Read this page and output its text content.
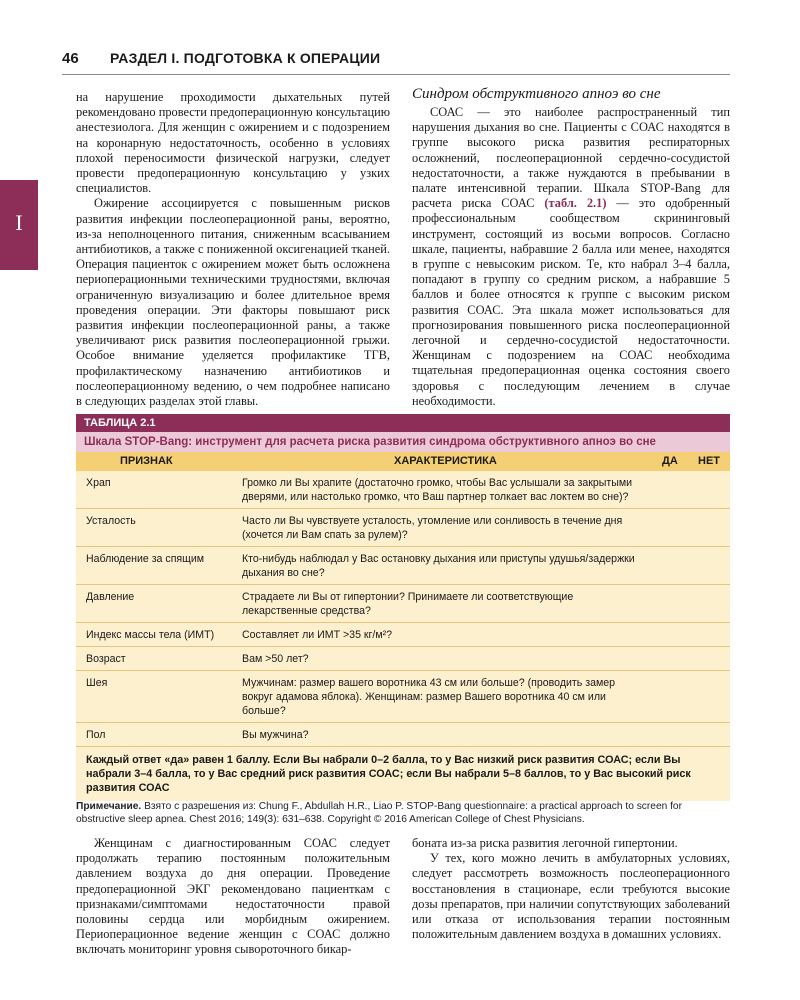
46 РАЗДЕЛ I. ПОДГОТОВКА К ОПЕРАЦИИ
I

на нарушение проходимости дыхательных путей рекомендовано провести предоперационную консультацию анестезиолога. Для женщин с ожирением и с подозрением на коронарную недостаточность, особенно в условиях плохой переносимости физической нагрузки, следует провести предоперационную консультацию у узких специалистов.

Ожирение ассоциируется с повышенным рисков развития инфекции послеоперационной раны, вероятно, из-за неполноценного питания, сниженным всасыванием антибиотиков, а также с пониженной оксигенацией тканей. Операция пациенток с ожирением может быть осложнена периоперационными техническими трудностями, включая ограниченную визуализацию и более длительное время проведения операции. Эти факторы повышают риск развития инфекции послеоперационной раны, а также увеличивают риск развития послеоперационной грыжи. Особое внимание уделяется профилактике ТГВ, профилактическому назначению антибиотиков и послеоперационному ведению, о чем подробнее написано в следующих разделах этой главы.

Синдром обструктивного апноэ во сне

СОАС — это наиболее распространенный тип нарушения дыхания во сне. Пациенты с СОАС находятся в группе высокого риска развития респираторных осложнений, послеоперационной сердечно-сосудистой недостаточности, а также нуждаются в пребывании в палате интенсивной терапии. Шкала STOP-Bang для расчета риска СОАС (табл. 2.1) — это одобренный профессиональным сообществом скрининговый инструмент, состоящий из восьми вопросов. Согласно шкале, пациенты, набравшие 2 балла или менее, находятся в группе с невысоким риском. Те, кто набрал 3–4 балла, попадают в группу со средним риском, а набравшие 5 баллов и более относятся к группе с высоким риском развития СОАС. Эта шкала может использоваться для прогнозирования повышенного риска послеоперационной легочной и сердечно-сосудистой недостаточности. Женщинам с подозрением на СОАС необходима тщательная предоперационная оценка состояния своего здоровья с последующим лечением в случае необходимости.

ТАБЛИЦА 2.1
Шкала STOP-Bang: инструмент для расчета риска развития синдрома обструктивного апноэ во сне
ПРИЗНАК	ХАРАКТЕРИСТИКА	ДА НЕТ
Храп	Громко ли Вы храпите (достаточно громко, чтобы Вас услышали за закрытыми дверями, или настолько громко, что Ваш партнер толкает вас локтем во сне)?
Усталость	Часто ли Вы чувствуете усталость, утомление или сонливость в течение дня (хочется ли Вам спать за рулем)?
Наблюдение за спящим	Кто-нибудь наблюдал у Вас остановку дыхания или приступы удушья/задержки дыхания во сне?
Давление	Страдаете ли Вы от гипертонии? Принимаете ли соответствующие лекарственные средства?
Индекс массы тела (ИМТ)	Составляет ли ИМТ >35 кг/м²?
Возраст	Вам >50 лет?
Шея	Мужчинам: размер вашего воротника 43 см или больше? (проводить замер вокруг адамова яблока). Женщинам: размер Вашего воротника 40 см или больше?
Пол	Вы мужчина?
Каждый ответ «да» равен 1 баллу. Если Вы набрали 0–2 балла, то у Вас низкий риск развития СОАС; если Вы набрали 3–4 балла, то у Вас средний риск развития СОАС; если Вы набрали 5–8 баллов, то у Вас высокий риск развития СОАС
Примечание. Взято с разрешения из: Chung F., Abdullah H.R., Liao P. STOP-Bang questionnaire: a practical approach to screen for obstructive sleep apnea. Chest 2016; 149(3): 631–638. Copyright © 2016 American College of Chest Physicians.

Женщинам с диагностированным СОАС следует продолжать терапию постоянным положительным давлением воздуха до дня операции. Проведение предоперационной ЭКГ рекомендовано пациенткам с признаками/симптомами недостаточности правой половины сердца или морбидным ожирением. Периоперационное ведение женщин с СОАС должно включать мониторинг уровня сывороточного бикар-

боната из-за риска развития легочной гипертонии.

У тех, кого можно лечить в амбулаторных условиях, следует рассмотреть возможность послеоперационного восстановления в стационаре, если требуются высокие дозы препаратов, при наличии сопутствующих заболеваний или отказа от использования терапии постоянным положительным давлением воздуха в домашних условиях.
